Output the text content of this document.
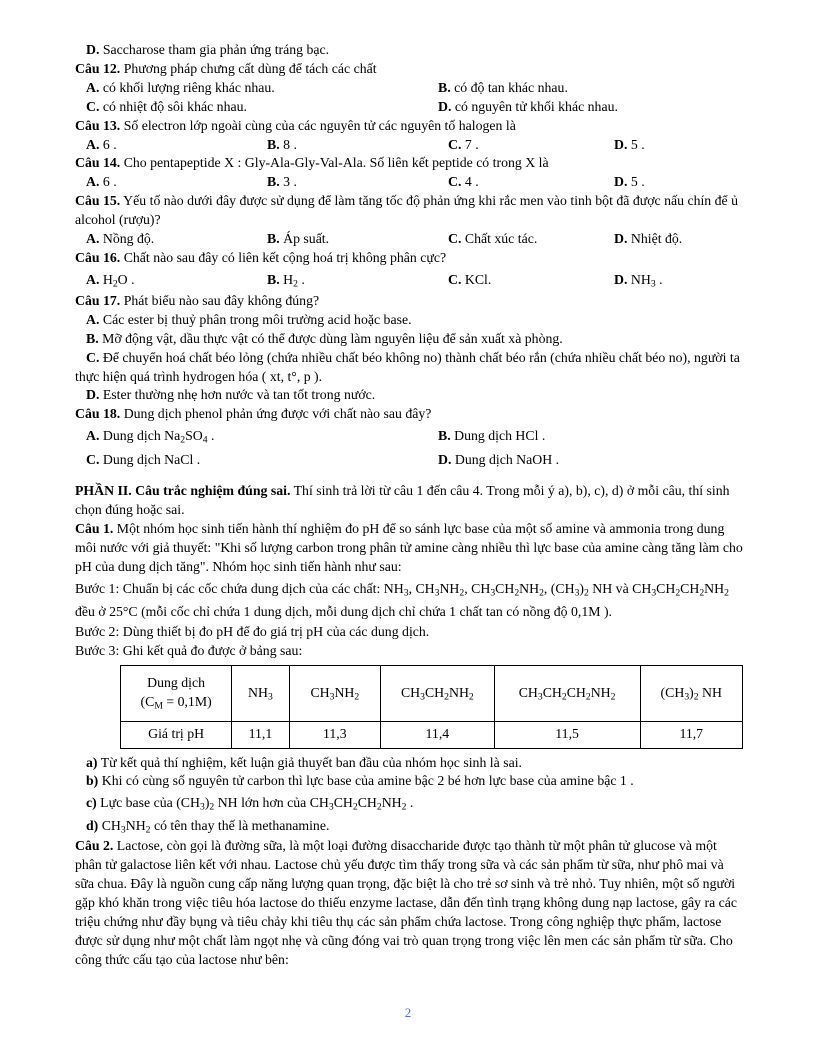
D. Saccharose tham gia phản ứng tráng bạc.

Câu 12. Phương pháp chưng cất dùng để tách các chất

A. có khối lượng riêng khác nhau.	B. có độ tan khác nhau.

C. có nhiệt độ sôi khác nhau.	D. có nguyên tử khối khác nhau.

Câu 13. Số electron lớp ngoài cùng của các nguyên tử các nguyên tố halogen là

A. 6 .	B. 8 .	C. 7 .	D. 5 .

Câu 14. Cho pentapeptide X : Gly-Ala-Gly-Val-Ala. Số liên kết peptide có trong X là

A. 6 .	B. 3 .	C. 4 .	D. 5 .

Câu 15. Yếu tố nào dưới đây được sử dụng để làm tăng tốc độ phản ứng khi rắc men vào tinh bột đã được nấu chín để ủ alcohol (rượu)?

A. Nồng độ.	B. Áp suất.	C. Chất xúc tác.	D. Nhiệt độ.

Câu 16. Chất nào sau đây có liên kết cộng hoá trị không phân cực?

A. $H_2O$ .	B. $H_2$ .	C. KCl.	D. $NH_3$ .

Câu 17. Phát biểu nào sau đây không đúng?

A. Các ester bị thuỷ phân trong môi trường acid hoặc base.

B. Mỡ động vật, dầu thực vật có thể được dùng làm nguyên liệu để sản xuất xà phòng.

C. Để chuyển hoá chất béo lỏng (chứa nhiều chất béo không no) thành chất béo rắn (chứa nhiều chất béo no), người ta thực hiện quá trình hydrogen hóa ( xt, t°, p ).

D. Ester thường nhẹ hơn nước và tan tốt trong nước.

Câu 18. Dung dịch phenol phản ứng được với chất nào sau đây?

A. Dung dịch $Na_2SO_4$ .	B. Dung dịch HCl .

C. Dung dịch NaCl .	D. Dung dịch NaOH .

PHẦN II. Câu trắc nghiệm đúng sai. Thí sinh trả lời từ câu 1 đến câu 4. Trong mỗi ý a), b), c), d) ở mỗi câu, thí sinh chọn đúng hoặc sai.

Câu 1. Một nhóm học sinh tiến hành thí nghiệm đo pH để so sánh lực base của một số amine và ammonia trong dung môi nước với giả thuyết: "Khi số lượng carbon trong phân tử amine càng nhiều thì lực base của amine càng tăng làm cho pH của dung dịch tăng". Nhóm học sinh tiến hành như sau:

Bước 1: Chuẩn bị các cốc chứa dung dịch của các chất: $NH_3$, $CH_3NH_2$, $CH_3CH_2NH_2$, $(CH_3)_2$ NH và $CH_3CH_2CH_2NH_2$ đều ở 25°C (mỗi cốc chỉ chứa 1 dung dịch, mỗi dung dịch chỉ chứa 1 chất tan có nồng độ 0,1M ).

Bước 2: Dùng thiết bị đo pH để đo giá trị pH của các dung dịch.

Bước 3: Ghi kết quả đo được ở bảng sau:

Dung dịch
$(C_M = 0,1M)$	$NH_3$	$CH_3NH_2$	$CH_3CH_2NH_2$	$CH_3CH_2CH_2NH_2$	$(CH_3)_2$ NH
Giá trị pH	11,1	11,3	11,4	11,5	11,7

a) Từ kết quả thí nghiệm, kết luận giả thuyết ban đầu của nhóm học sinh là sai.

b) Khi có cùng số nguyên tử carbon thì lực base của amine bậc 2 bé hơn lực base của amine bậc 1 .

c) Lực base của $(CH_3)_2$ NH lớn hơn của $CH_3CH_2CH_2NH_2$ .

d) $CH_3NH_2$ có tên thay thế là methanamine.

Câu 2. Lactose, còn gọi là đường sữa, là một loại đường disaccharide được tạo thành từ một phân tử glucose và một phân tử galactose liên kết với nhau. Lactose chủ yếu được tìm thấy trong sữa và các sản phẩm từ sữa, như phô mai và sữa chua. Đây là nguồn cung cấp năng lượng quan trọng, đặc biệt là cho trẻ sơ sinh và trẻ nhỏ. Tuy nhiên, một số người gặp khó khăn trong việc tiêu hóa lactose do thiếu enzyme lactase, dẫn đến tình trạng không dung nạp lactose, gây ra các triệu chứng như đầy bụng và tiêu chảy khi tiêu thụ các sản phẩm chứa lactose. Trong công nghiệp thực phẩm, lactose được sử dụng như một chất làm ngọt nhẹ và cũng đóng vai trò quan trọng trong việc lên men các sản phẩm từ sữa. Cho công thức cấu tạo của lactose như bên:

2
